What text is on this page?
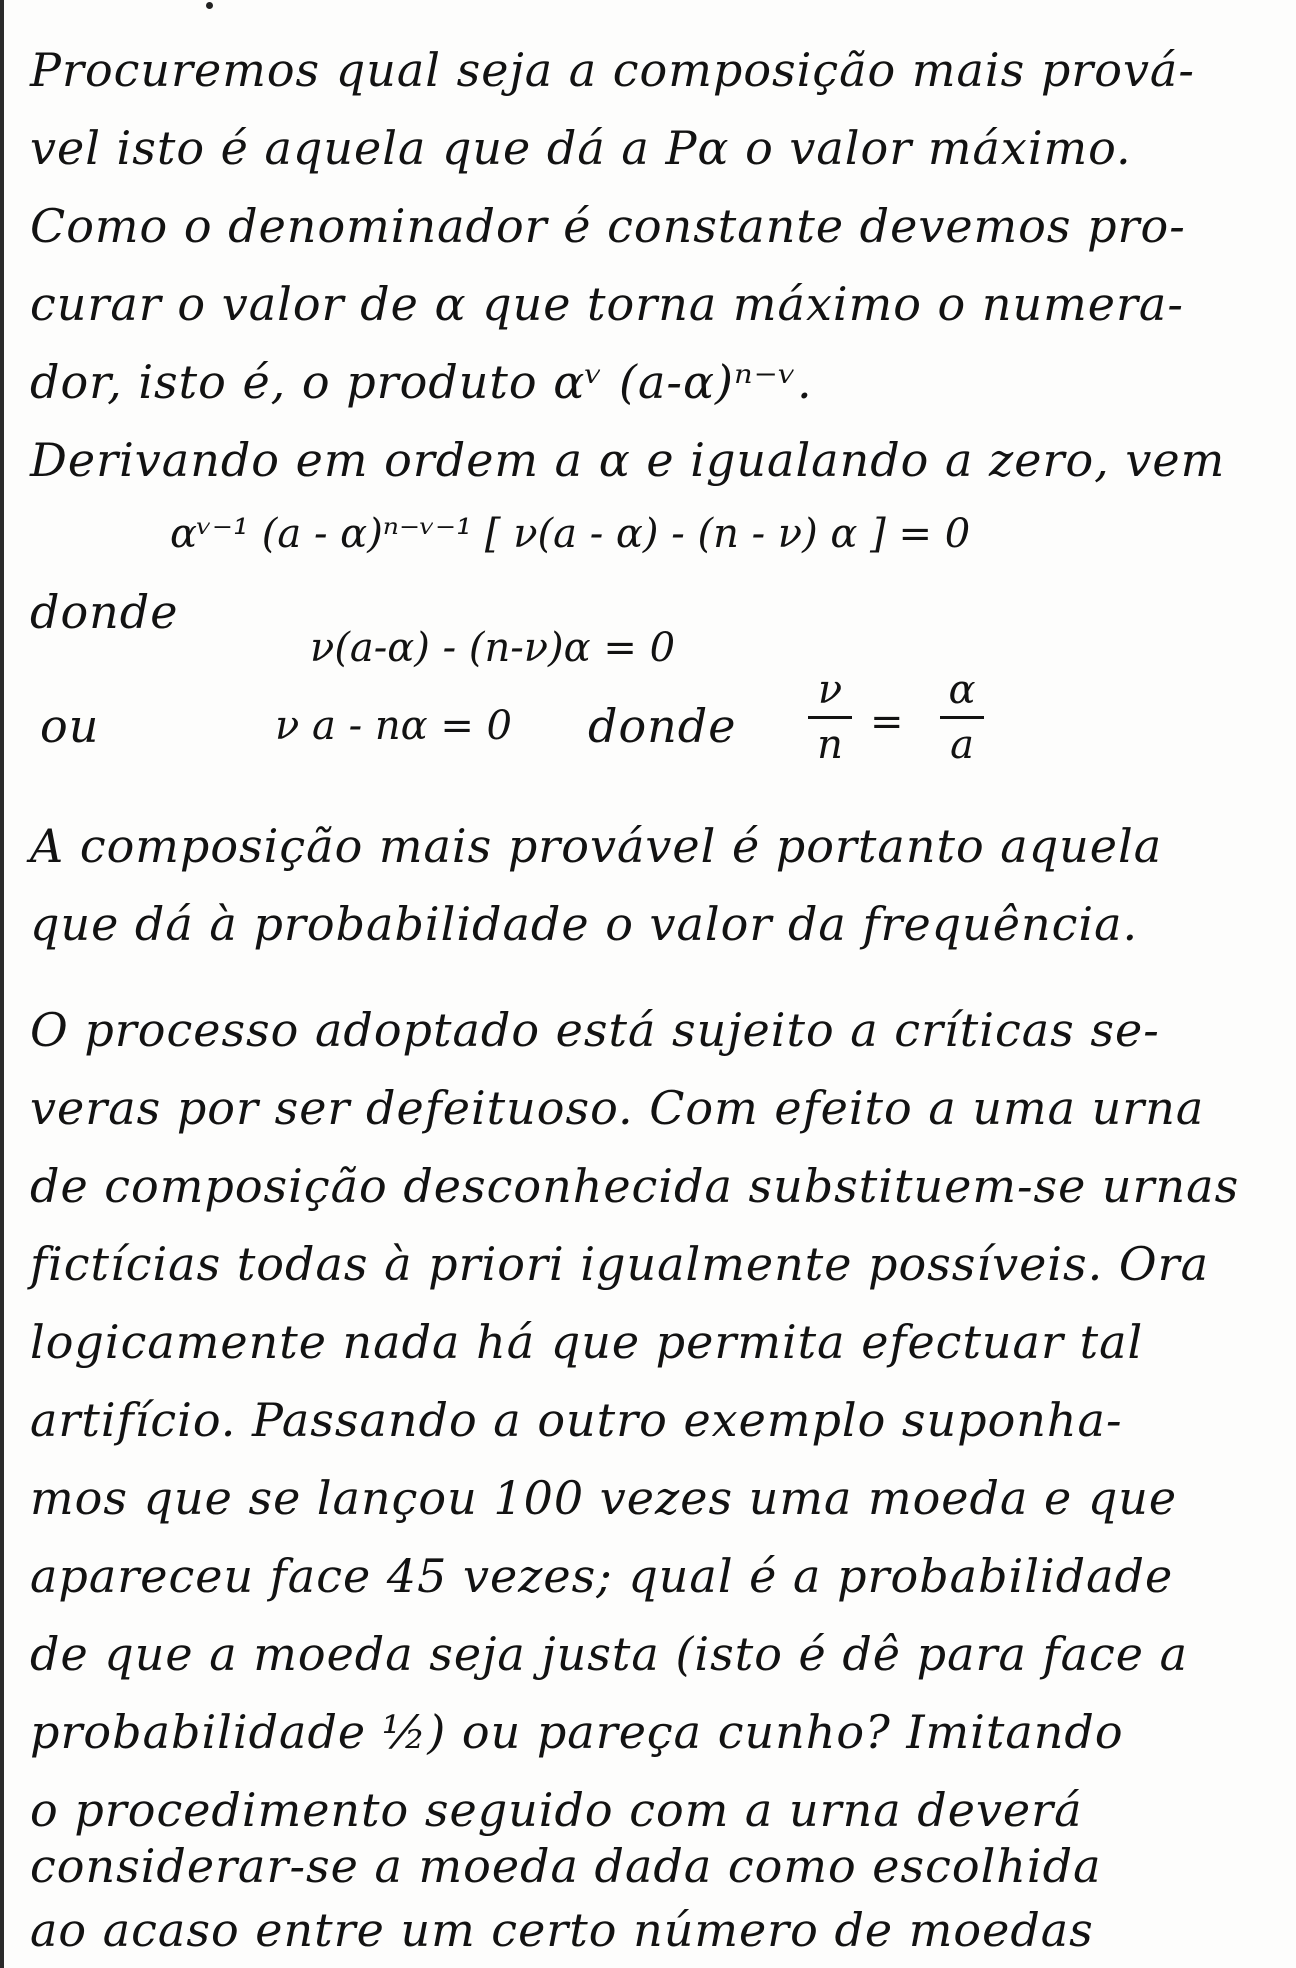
Procuremos qual seja a composição mais prová-
vel isto é aquela que dá a Pα o valor máximo.
Como o denominador é constante devemos pro-
curar o valor de α que torna máximo o numera-
dor, isto é, o produto αᵛ (a-α)ⁿ⁻ᵛ.
Derivando em ordem a α e igualando a zero, vem
αᵛ⁻¹ (a - α)ⁿ⁻ᵛ⁻¹ [ ν(a - α) - (n - ν) α ] = 0
donde
ν(a-α) - (n-ν)α = 0
ou	ν a - nα = 0 donde
ν
n =
α
a
A composição mais provável é portanto aquela
que dá à probabilidade o valor da frequência.
O processo adoptado está sujeito a críticas se-
veras por ser defeituoso. Com efeito a uma urna
de composição desconhecida substituem-se urnas
fictícias todas à priori igualmente possíveis. Ora
logicamente nada há que permita efectuar tal
artifício. Passando a outro exemplo suponha-
mos que se lançou 100 vezes uma moeda e que
apareceu face 45 vezes; qual é a probabilidade
de que a moeda seja justa (isto é dê para face a
probabilidade ½) ou pareça cunho? Imitando
o procedimento seguido com a urna deverá
considerar-se a moeda dada como escolhida
ao acaso entre um certo número de moedas
